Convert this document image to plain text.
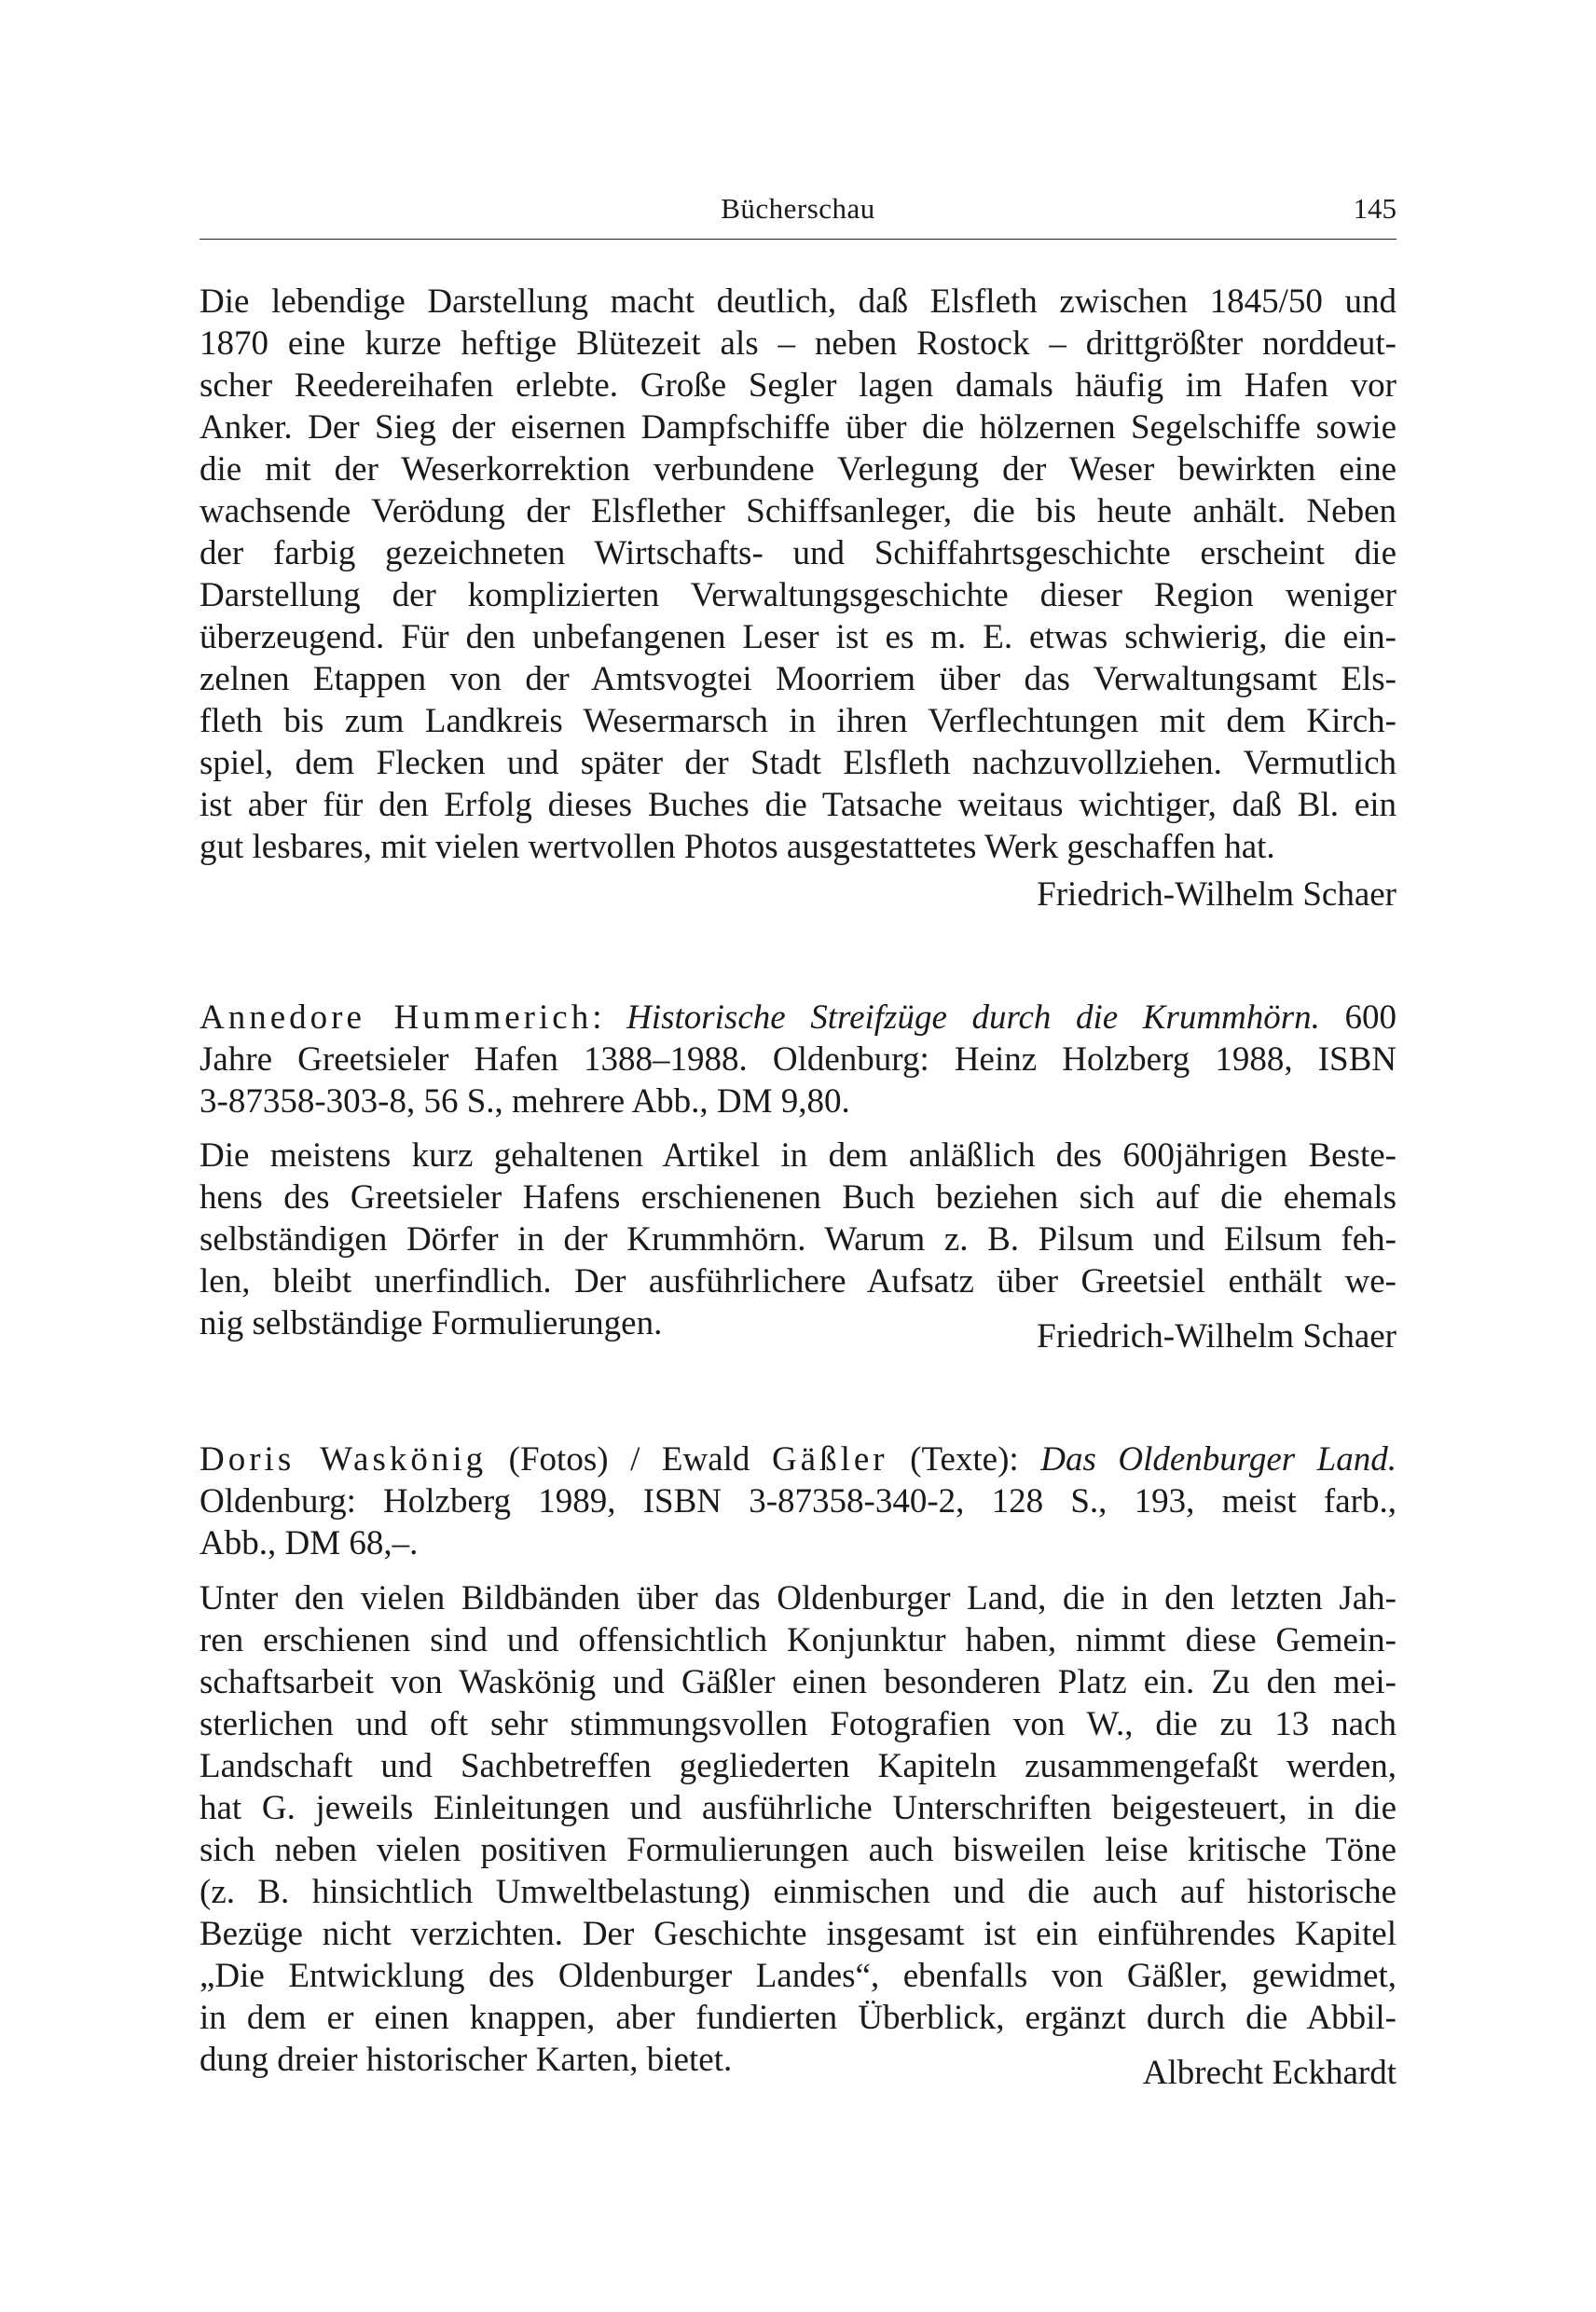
Bücherschau	145
Die lebendige Darstellung macht deutlich, daß Elsfleth zwischen 1845/50 und
1870 eine kurze heftige Blütezeit als – neben Rostock – drittgrößter norddeut-
scher Reedereihafen erlebte. Große Segler lagen damals häufig im Hafen vor
Anker. Der Sieg der eisernen Dampfschiffe über die hölzernen Segelschiffe sowie
die mit der Weserkorrektion verbundene Verlegung der Weser bewirkten eine
wachsende Verödung der Elsflether Schiffsanleger, die bis heute anhält. Neben
der farbig gezeichneten Wirtschafts- und Schiffahrtsgeschichte erscheint die
Darstellung der komplizierten Verwaltungsgeschichte dieser Region weniger
überzeugend. Für den unbefangenen Leser ist es m. E. etwas schwierig, die ein-
zelnen Etappen von der Amtsvogtei Moorriem über das Verwaltungsamt Els-
fleth bis zum Landkreis Wesermarsch in ihren Verflechtungen mit dem Kirch-
spiel, dem Flecken und später der Stadt Elsfleth nachzuvollziehen. Vermutlich
ist aber für den Erfolg dieses Buches die Tatsache weitaus wichtiger, daß Bl. ein
gut lesbares, mit vielen wertvollen Photos ausgestattetes Werk geschaffen hat.
Friedrich-Wilhelm Schaer
Annedore Hummerich: Historische Streifzüge durch die Krummhörn. 600
Jahre Greetsieler Hafen 1388–1988. Oldenburg: Heinz Holzberg 1988, ISBN
3-87358-303-8, 56 S., mehrere Abb., DM 9,80.
Die meistens kurz gehaltenen Artikel in dem anläßlich des 600jährigen Beste-
hens des Greetsieler Hafens erschienenen Buch beziehen sich auf die ehemals
selbständigen Dörfer in der Krummhörn. Warum z. B. Pilsum und Eilsum feh-
len, bleibt unerfindlich. Der ausführlichere Aufsatz über Greetsiel enthält we-
nig selbständige Formulierungen.	Friedrich-Wilhelm Schaer
Doris Waskönig (Fotos) / Ewald Gäßler (Texte): Das Oldenburger Land.
Oldenburg: Holzberg 1989, ISBN 3-87358-340-2, 128 S., 193, meist farb.,
Abb., DM 68,–.
Unter den vielen Bildbänden über das Oldenburger Land, die in den letzten Jah-
ren erschienen sind und offensichtlich Konjunktur haben, nimmt diese Gemein-
schaftsarbeit von Waskönig und Gäßler einen besonderen Platz ein. Zu den mei-
sterlichen und oft sehr stimmungsvollen Fotografien von W., die zu 13 nach
Landschaft und Sachbetreffen gegliederten Kapiteln zusammengefaßt werden,
hat G. jeweils Einleitungen und ausführliche Unterschriften beigesteuert, in die
sich neben vielen positiven Formulierungen auch bisweilen leise kritische Töne
(z. B. hinsichtlich Umweltbelastung) einmischen und die auch auf historische
Bezüge nicht verzichten. Der Geschichte insgesamt ist ein einführendes Kapitel
„Die Entwicklung des Oldenburger Landes“, ebenfalls von Gäßler, gewidmet,
in dem er einen knappen, aber fundierten Überblick, ergänzt durch die Abbil-
dung dreier historischer Karten, bietet.	Albrecht Eckhardt
